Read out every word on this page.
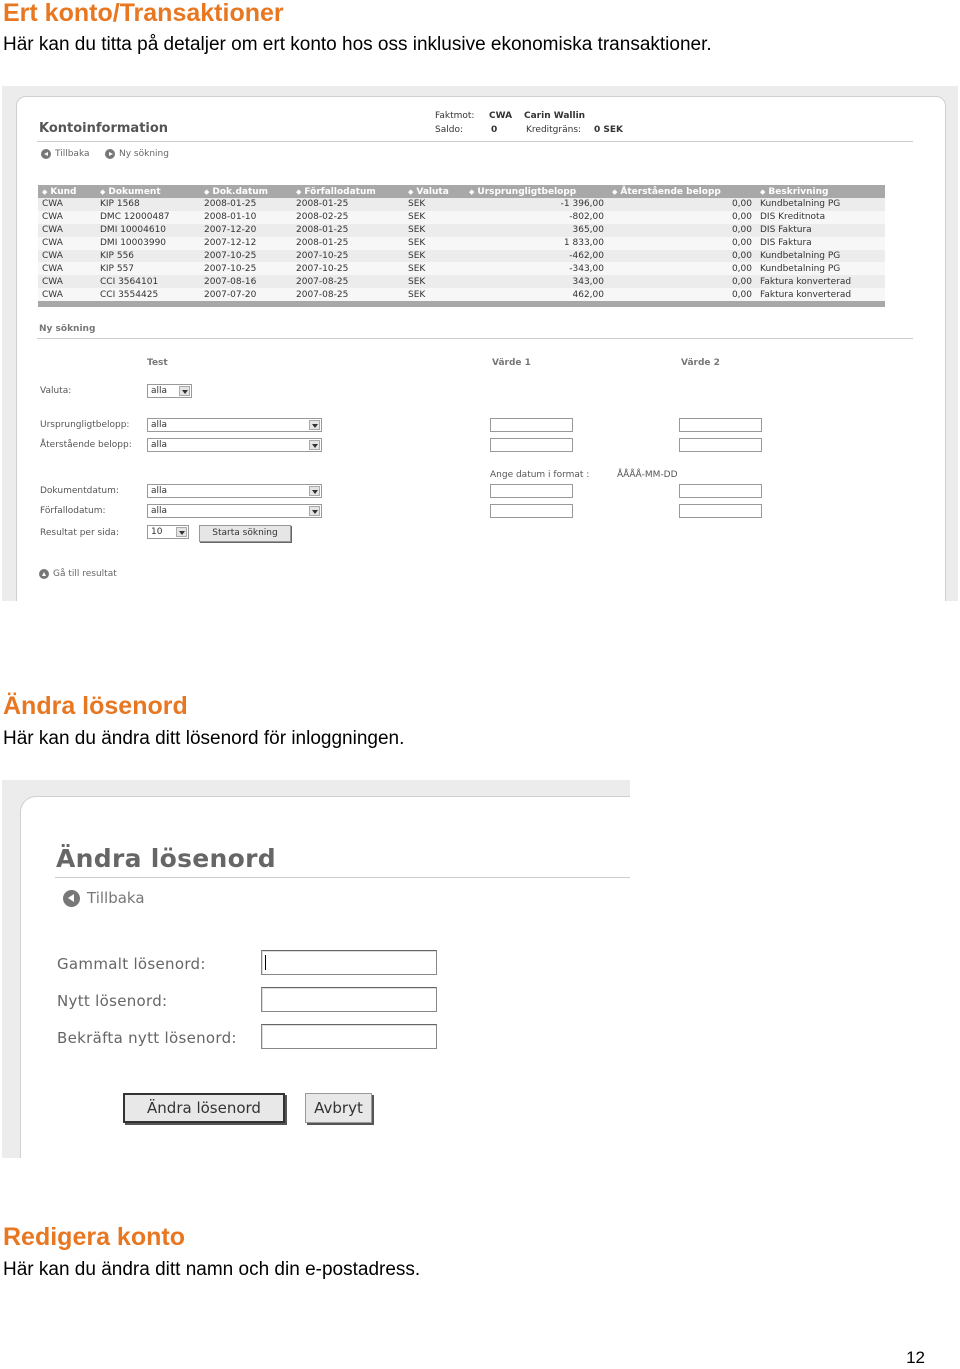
Ert konto/Transaktioner
Här kan du titta på detaljer om ert konto hos oss inklusive ekonomiska transaktioner.
Kontoinformation
Faktmot: CWA Carin Wallin
Saldo:	0	Kreditgräns: 0 SEK
Tillbaka	Ny sökning
◆ Kund	◆ Dokument	◆ Dok.datum	◆ Förfallodatum	◆ Valuta	◆ Ursprungligtbelopp	◆ Återstående belopp	◆ Beskrivning
CWA	KIP 1568	2008-01-25	2008-01-25	SEK	-1 396,00	0,00	Kundbetalning PG
CWA	DMC 12000487	2008-01-10	2008-02-25	SEK	-802,00	0,00	DIS Kreditnota
CWA	DMI 10004610	2007-12-20	2008-01-25	SEK	365,00	0,00	DIS Faktura
CWA	DMI 10003990	2007-12-12	2008-01-25	SEK	1 833,00	0,00	DIS Faktura
CWA	KIP 556	2007-10-25	2007-10-25	SEK	-462,00	0,00	Kundbetalning PG
CWA	KIP 557	2007-10-25	2007-10-25	SEK	-343,00	0,00	Kundbetalning PG
CWA	CCI 3564101	2007-08-16	2007-08-25	SEK	343,00	0,00	Faktura konverterad
CWA	CCI 3554425	2007-07-20	2007-08-25	SEK	462,00	0,00	Faktura konverterad

Ny sökning
Test	Värde 1	Värde 2
Valuta:	alla
Ursprungligtbelopp:	alla
Återstående belopp:	alla
Ange datum i format :	ÅÅÅÅ-MM-DD
Dokumentdatum:	alla
Förfallodatum:	alla
Resultat per sida:	10	Starta sökning
Gå till resultat
Ändra lösenord
Här kan du ändra ditt lösenord för inloggningen.
Ändra lösenord
Tillbaka
Gammalt lösenord:
Nytt lösenord:
Bekräfta nytt lösenord:
Ändra lösenord	Avbryt
Redigera konto
Här kan du ändra ditt namn och din e-postadress.
12
